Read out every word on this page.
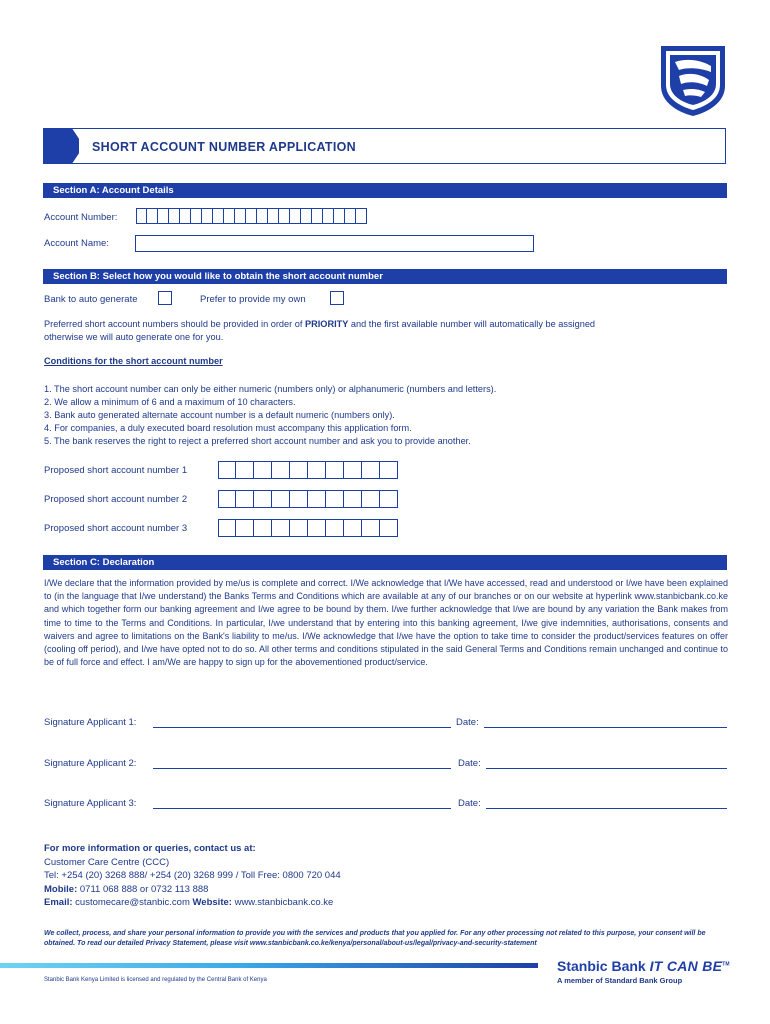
SHORT ACCOUNT NUMBER APPLICATION
Section A: Account Details
Account Number:
Account Name:
Section B: Select how you would like to obtain the short account number
Bank to auto generate	Prefer to provide my own
Preferred short account numbers should be provided in order of PRIORITY and the first available number will automatically be assigned
otherwise we will auto generate one for you.
Conditions for the short account number
1. The short account number can only be either numeric (numbers only) or alphanumeric (numbers and letters).
2. We allow a minimum of 6 and a maximum of 10 characters.
3. Bank auto generated alternate account number is a default numeric (numbers only).
4. For companies, a duly executed board resolution must accompany this application form.
5. The bank reserves the right to reject a preferred short account number and ask you to provide another.
Proposed short account number 1
Proposed short account number 2
Proposed short account number 3
Section C: Declaration
I/We declare that the information provided by me/us is complete and correct. I/We acknowledge that I/We have accessed, read and understood or I/we have been explained to (in the language that I/we understand) the Banks Terms and Conditions which are available at any of our branches or on our website at hyperlink www.stanbicbank.co.ke and which together form our banking agreement and I/we agree to be bound by them. I/we further acknowledge that I/we are bound by any variation the Bank makes from time to time to the Terms and Conditions. In particular, I/we understand that by entering into this banking agreement, I/we give indemnities, authorisations, consents and waivers and agree to limitations on the Bank's liability to me/us. I/We acknowledge that I/we have the option to take time to consider the product/services features on offer (cooling off period), and I/we have opted not to do so. All other terms and conditions stipulated in the said General Terms and Conditions remain unchanged and continue to be of full force and effect. I am/We are happy to sign up for the abovementioned product/service.
Signature Applicant 1:	Date:
Signature Applicant 2:	Date:
Signature Applicant 3:	Date:
For more information or queries, contact us at:
Customer Care Centre (CCC)
Tel: +254 (20) 3268 888/ +254 (20) 3268 999 / Toll Free: 0800 720 044
Mobile: 0711 068 888 or 0732 113 888
Email: customecare@stanbic.com Website: www.stanbicbank.co.ke
We collect, process, and share your personal information to provide you with the services and products that you applied for. For any other processing not related to this purpose, your consent will be obtained. To read our detailed Privacy Statement, please visit www.stanbicbank.co.ke/kenya/personal/about-us/legal/privacy-and-security-statement
Stanbic Bank IT CAN BE™
A member of Standard Bank Group
Stanbic Bank Kenya Limited is licensed and regulated by the Central Bank of Kenya
